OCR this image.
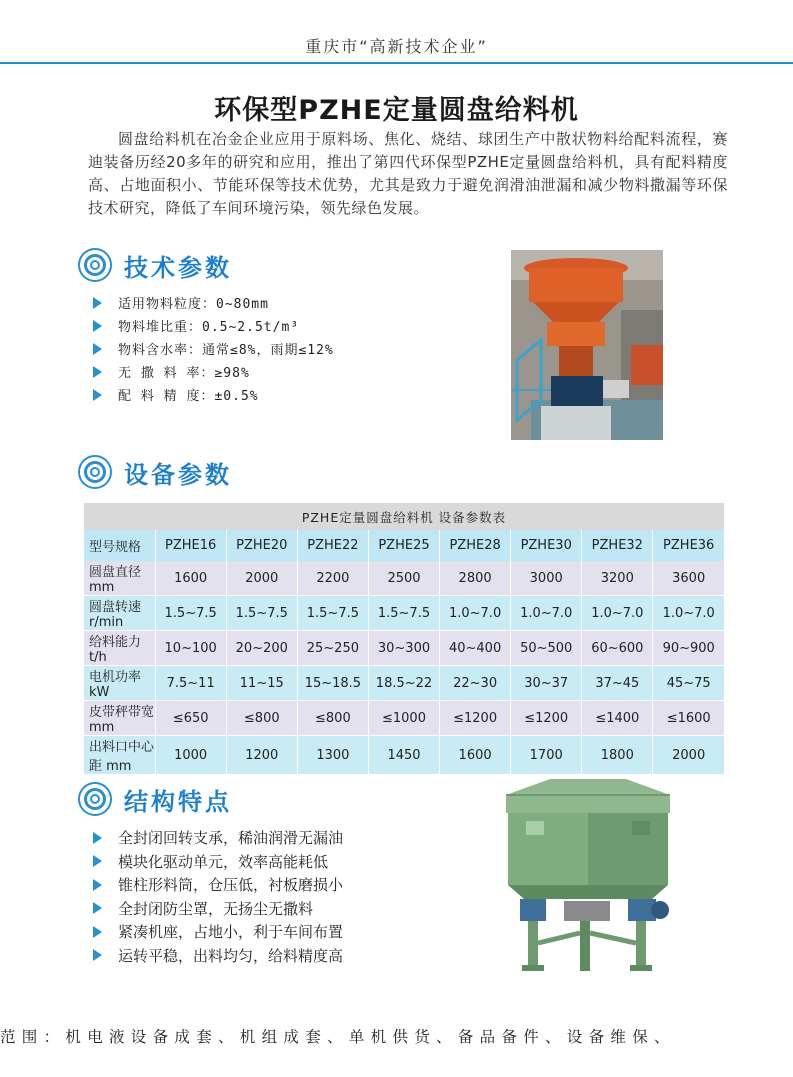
重庆市“高新技术企业”
环保型PZHE定量圆盘给料机

圆盘给料机在冶金企业应用于原料场、焦化、烧结、球团生产中散状物料给配料流程，赛迪装备历经20多年的研究和应用，推出了第四代环保型PZHE定量圆盘给料机，具有配料精度高、占地面积小、节能环保等技术优势，尤其是致力于避免润滑油泄漏和减少物料撒漏等环保技术研究，降低了车间环境污染，领先绿色发展。

技术参数
适用物料粒度：0~80mm
物料堆比重：0.5~2.5t/m³
物料含水率：通常≤8%，雨期≤12%
无 撒 料 率：≥98%
配 料 精 度：±0.5%
设备参数
PZHE定量圆盘给料机 设备参数表								
型号规格	PZHE16	PZHE20	PZHE22	PZHE25	PZHE28	PZHE30	PZHE32	PZHE36
圆盘直径 mm	1600	2000	2200	2500	2800	3000	3200	3600
圆盘转速 r/min	1.5~7.5	1.5~7.5	1.5~7.5	1.5~7.5	1.0~7.0	1.0~7.0	1.0~7.0	1.0~7.0
给料能力 t/h	10~100	20~200	25~250	30~300	40~400	50~500	60~600	90~900
电机功率 kW	7.5~11	11~15	15~18.5	18.5~22	22~30	30~37	37~45	45~75
皮带秤带宽 mm	≤650	≤800	≤800	≤1000	≤1200	≤1200	≤1400	≤1600
出料口中心距 mm	1000	1200	1300	1450	1600	1700	1800	2000
结构特点
全封闭回转支承，稀油润滑无漏油
模块化驱动单元，效率高能耗低
锥柱形料筒，仓压低，衬板磨损小
全封闭防尘罩，无扬尘无撒料
紧凑机座，占地小，利于车间布置
运转平稳，出料均匀，给料精度高
范围：机电液设备成套、机组成套、单机供货、备品备件、设备维保、
